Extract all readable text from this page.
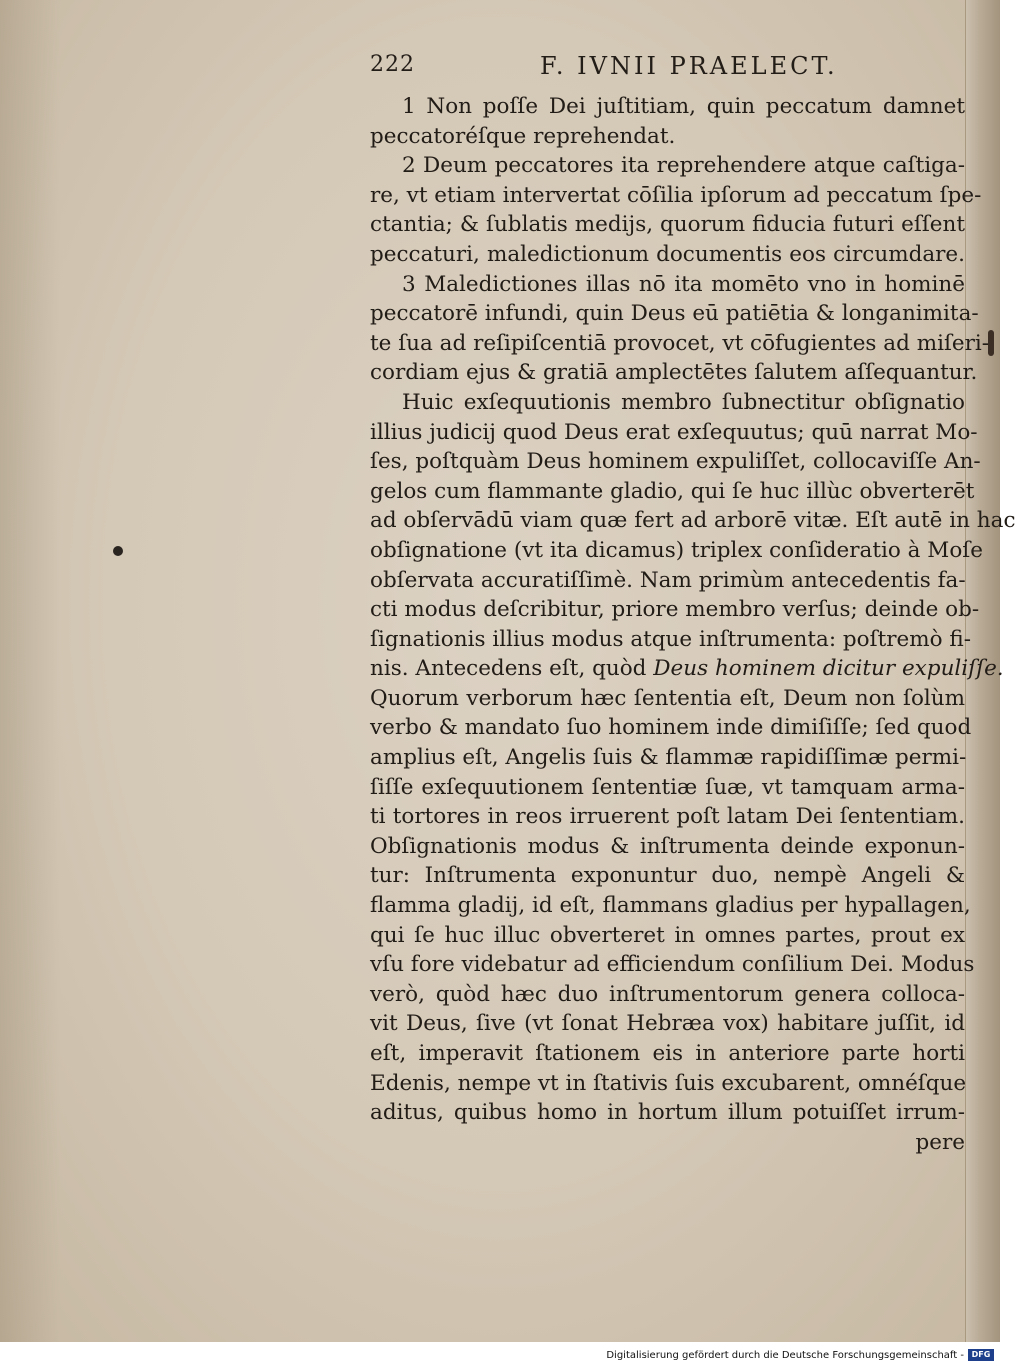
222	F. IVNII PRAELECT.
1 Non poſſe Dei juſtitiam, quin peccatum damnet
peccatoréſque reprehendat.
2 Deum peccatores ita reprehendere atque caſtiga-
re, vt etiam intervertat cōſilia ipſorum ad peccatum ſpe-
ctantia; & ſublatis medijs, quorum fiducia futuri eſſent
peccaturi, maledictionum documentis eos circumdare.
3 Maledictiones illas nō ita momēto vno in hominē
peccatorē infundi, quin Deus eū patiētia & longanimita-
te ſua ad reſipiſcentiā provocet, vt cōfugientes ad miſeri-
cordiam ejus & gratiā amplectētes ſalutem aſſequantur.
Huic exſequutionis membro ſubnectitur obſignatio
illius judicij quod Deus erat exſequutus; quū narrat Mo-
ſes, poſtquàm Deus hominem expuliſſet, collocaviſſe An-
gelos cum flammante gladio, qui ſe huc illùc obverterēt
ad obſervādū viam quæ fert ad arborē vitæ. Eſt autē in hac
obſignatione (vt ita dicamus) triplex conſideratio à Moſe
obſervata accuratiſſimè. Nam primùm antecedentis fa-
cti modus deſcribitur, priore membro verſus; deinde ob-
ſignationis illius modus atque inſtrumenta: poſtremò fi-
nis. Antecedens eſt, quòd Deus hominem dicitur expuliſſe.
Quorum verborum hæc ſententia eſt, Deum non ſolùm
verbo & mandato ſuo hominem inde dimiſiſſe; ſed quod
amplius eſt, Angelis ſuis & flammæ rapidiſſimæ permi-
ſiſſe exſequutionem ſententiæ ſuæ, vt tamquam arma-
ti tortores in reos irruerent poſt latam Dei ſententiam.
Obſignationis modus & inſtrumenta deinde exponun-
tur: Inſtrumenta exponuntur duo, nempè Angeli &
flamma gladij, id eſt, flammans gladius per hypallagen,
qui ſe huc illuc obverteret in omnes partes, prout ex
vſu fore videbatur ad efficiendum conſilium Dei. Modus
verò, quòd hæc duo inſtrumentorum genera colloca-
vit Deus, ſive (vt ſonat Hebræa vox) habitare juſſit, id
eſt, imperavit ſtationem eis in anteriore parte horti
Edenis, nempe vt in ſtativis ſuis excubarent, omnéſque
aditus, quibus homo in hortum illum potuiſſet irrum-
pere
Digitalisierung gefördert durch die Deutsche Forschungsgemeinschaft - DFG
